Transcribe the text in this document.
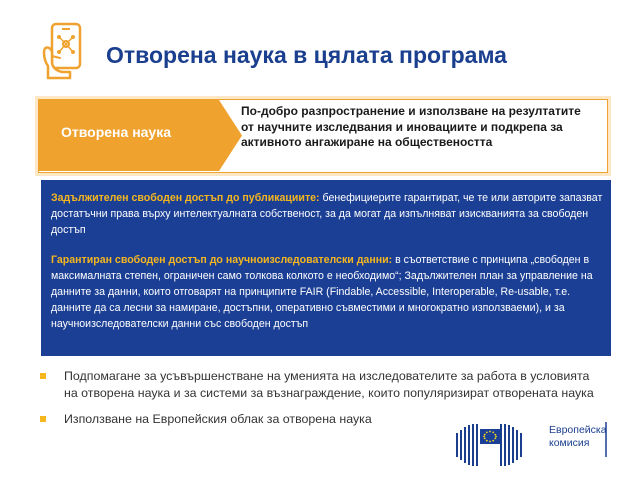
Отворена наука в цялата програма
Отворена наука
По-добро разпространение и използване на резултатите от научните изследвания и иновациите и подкрепа за активното ангажиране на обществеността

Задължителен свободен достъп до публикациите: бенефициерите гарантират, че те или авторите запазват достатъчни права върху интелектуалната собственост, за да могат да изпълняват изискванията за свободен достъп

Гарантиран свободен достъп до научноизследователски данни: в съответствие с принципа „свободен в максималната степен, ограничен само толкова колкото е необходимо“; Задължителен план за управление на данните за данни, които отговарят на принципите FAIR (Findable, Accessible, Interoperable, Re-usable, т.е. данните да са лесни за намиране, достъпни, оперативно съвместими и многократно използваеми), и за научноизследователски данни със свободен достъп

Подпомагане за усъвършенстване на уменията на изследователите за работа в условията на отворена наука и за системи за възнаграждение, които популяризират отворената наука
Използване на Европейския облак за отворена наука
Европейска
комисия
